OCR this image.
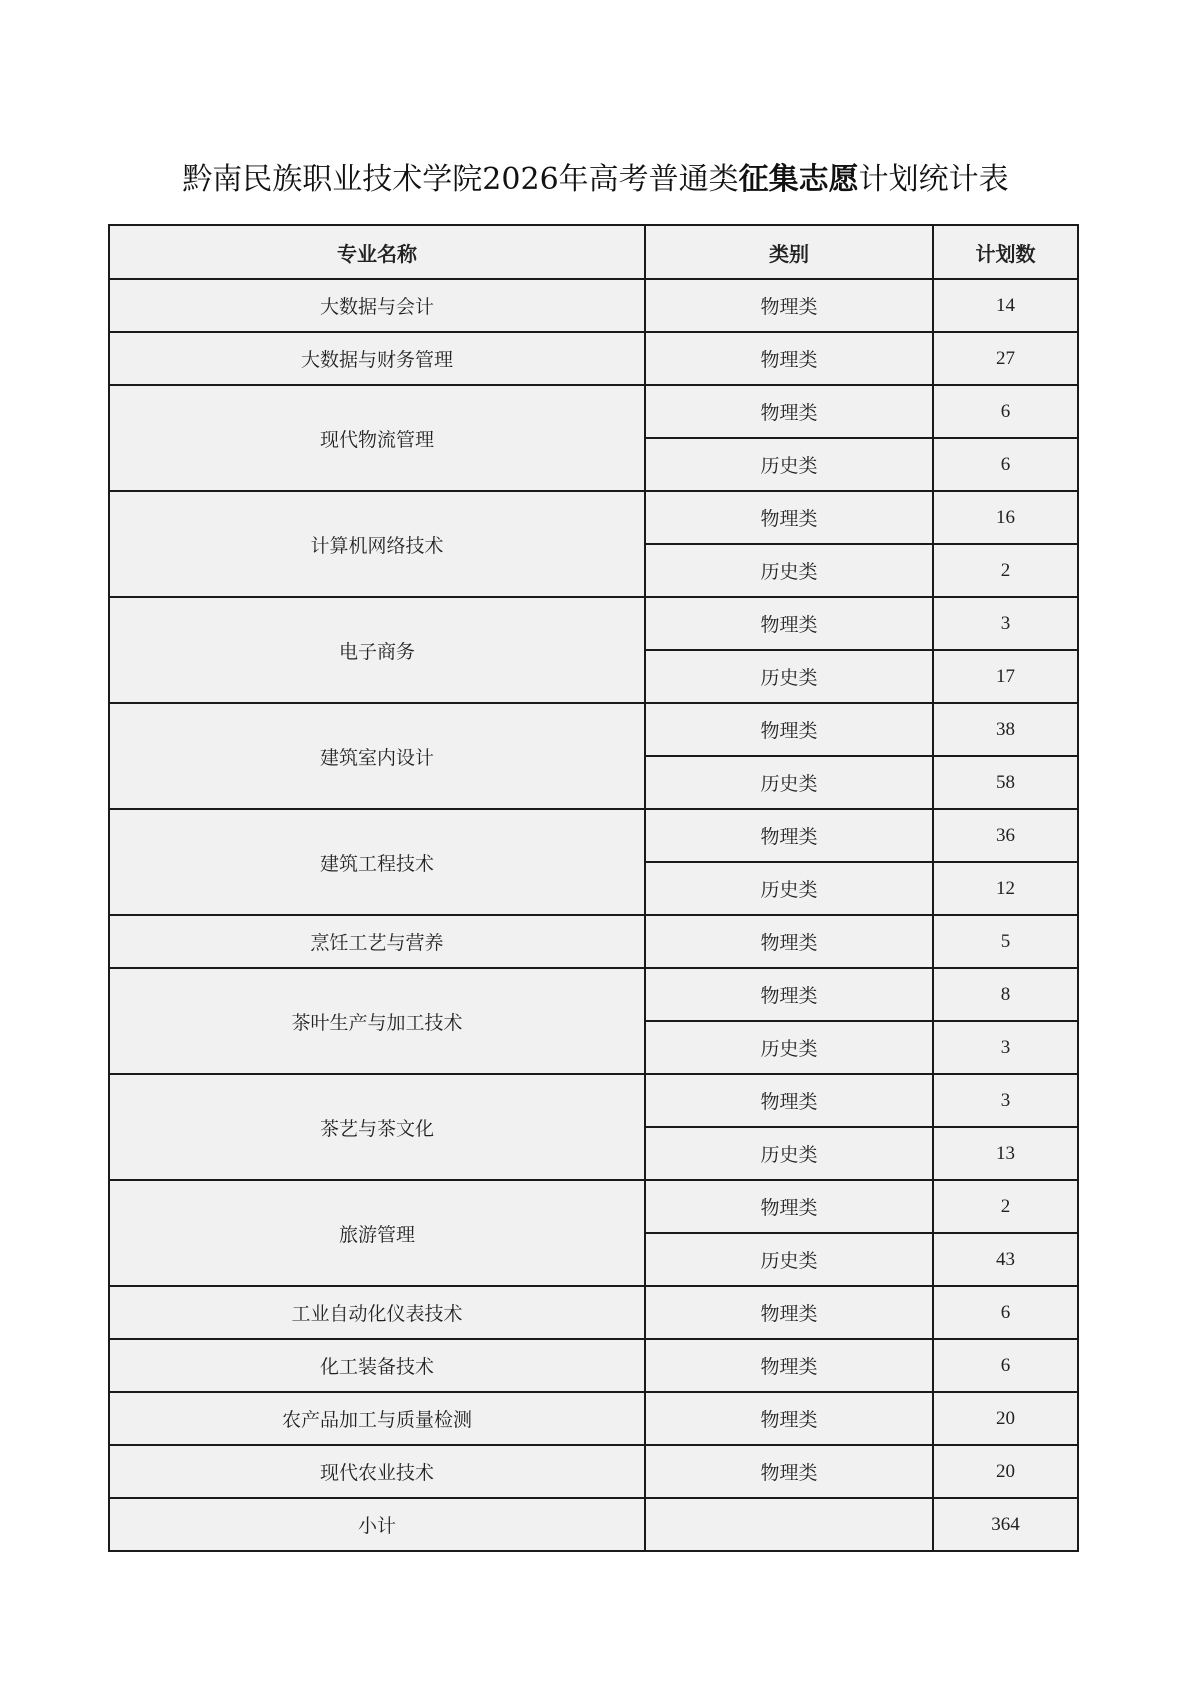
黔南民族职业技术学院2026年高考普通类征集志愿计划统计表
专业名称	类别	计划数
大数据与会计	物理类	14
大数据与财务管理	物理类	27
现代物流管理	物理类	6
	历史类	6
计算机网络技术	物理类	16
	历史类	2
电子商务	物理类	3
	历史类	17
建筑室内设计	物理类	38
	历史类	58
建筑工程技术	物理类	36
	历史类	12
烹饪工艺与营养	物理类	5
茶叶生产与加工技术	物理类	8
	历史类	3
茶艺与茶文化	物理类	3
	历史类	13
旅游管理	物理类	2
	历史类	43
工业自动化仪表技术	物理类	6
化工装备技术	物理类	6
农产品加工与质量检测	物理类	20
现代农业技术	物理类	20
小计		364
